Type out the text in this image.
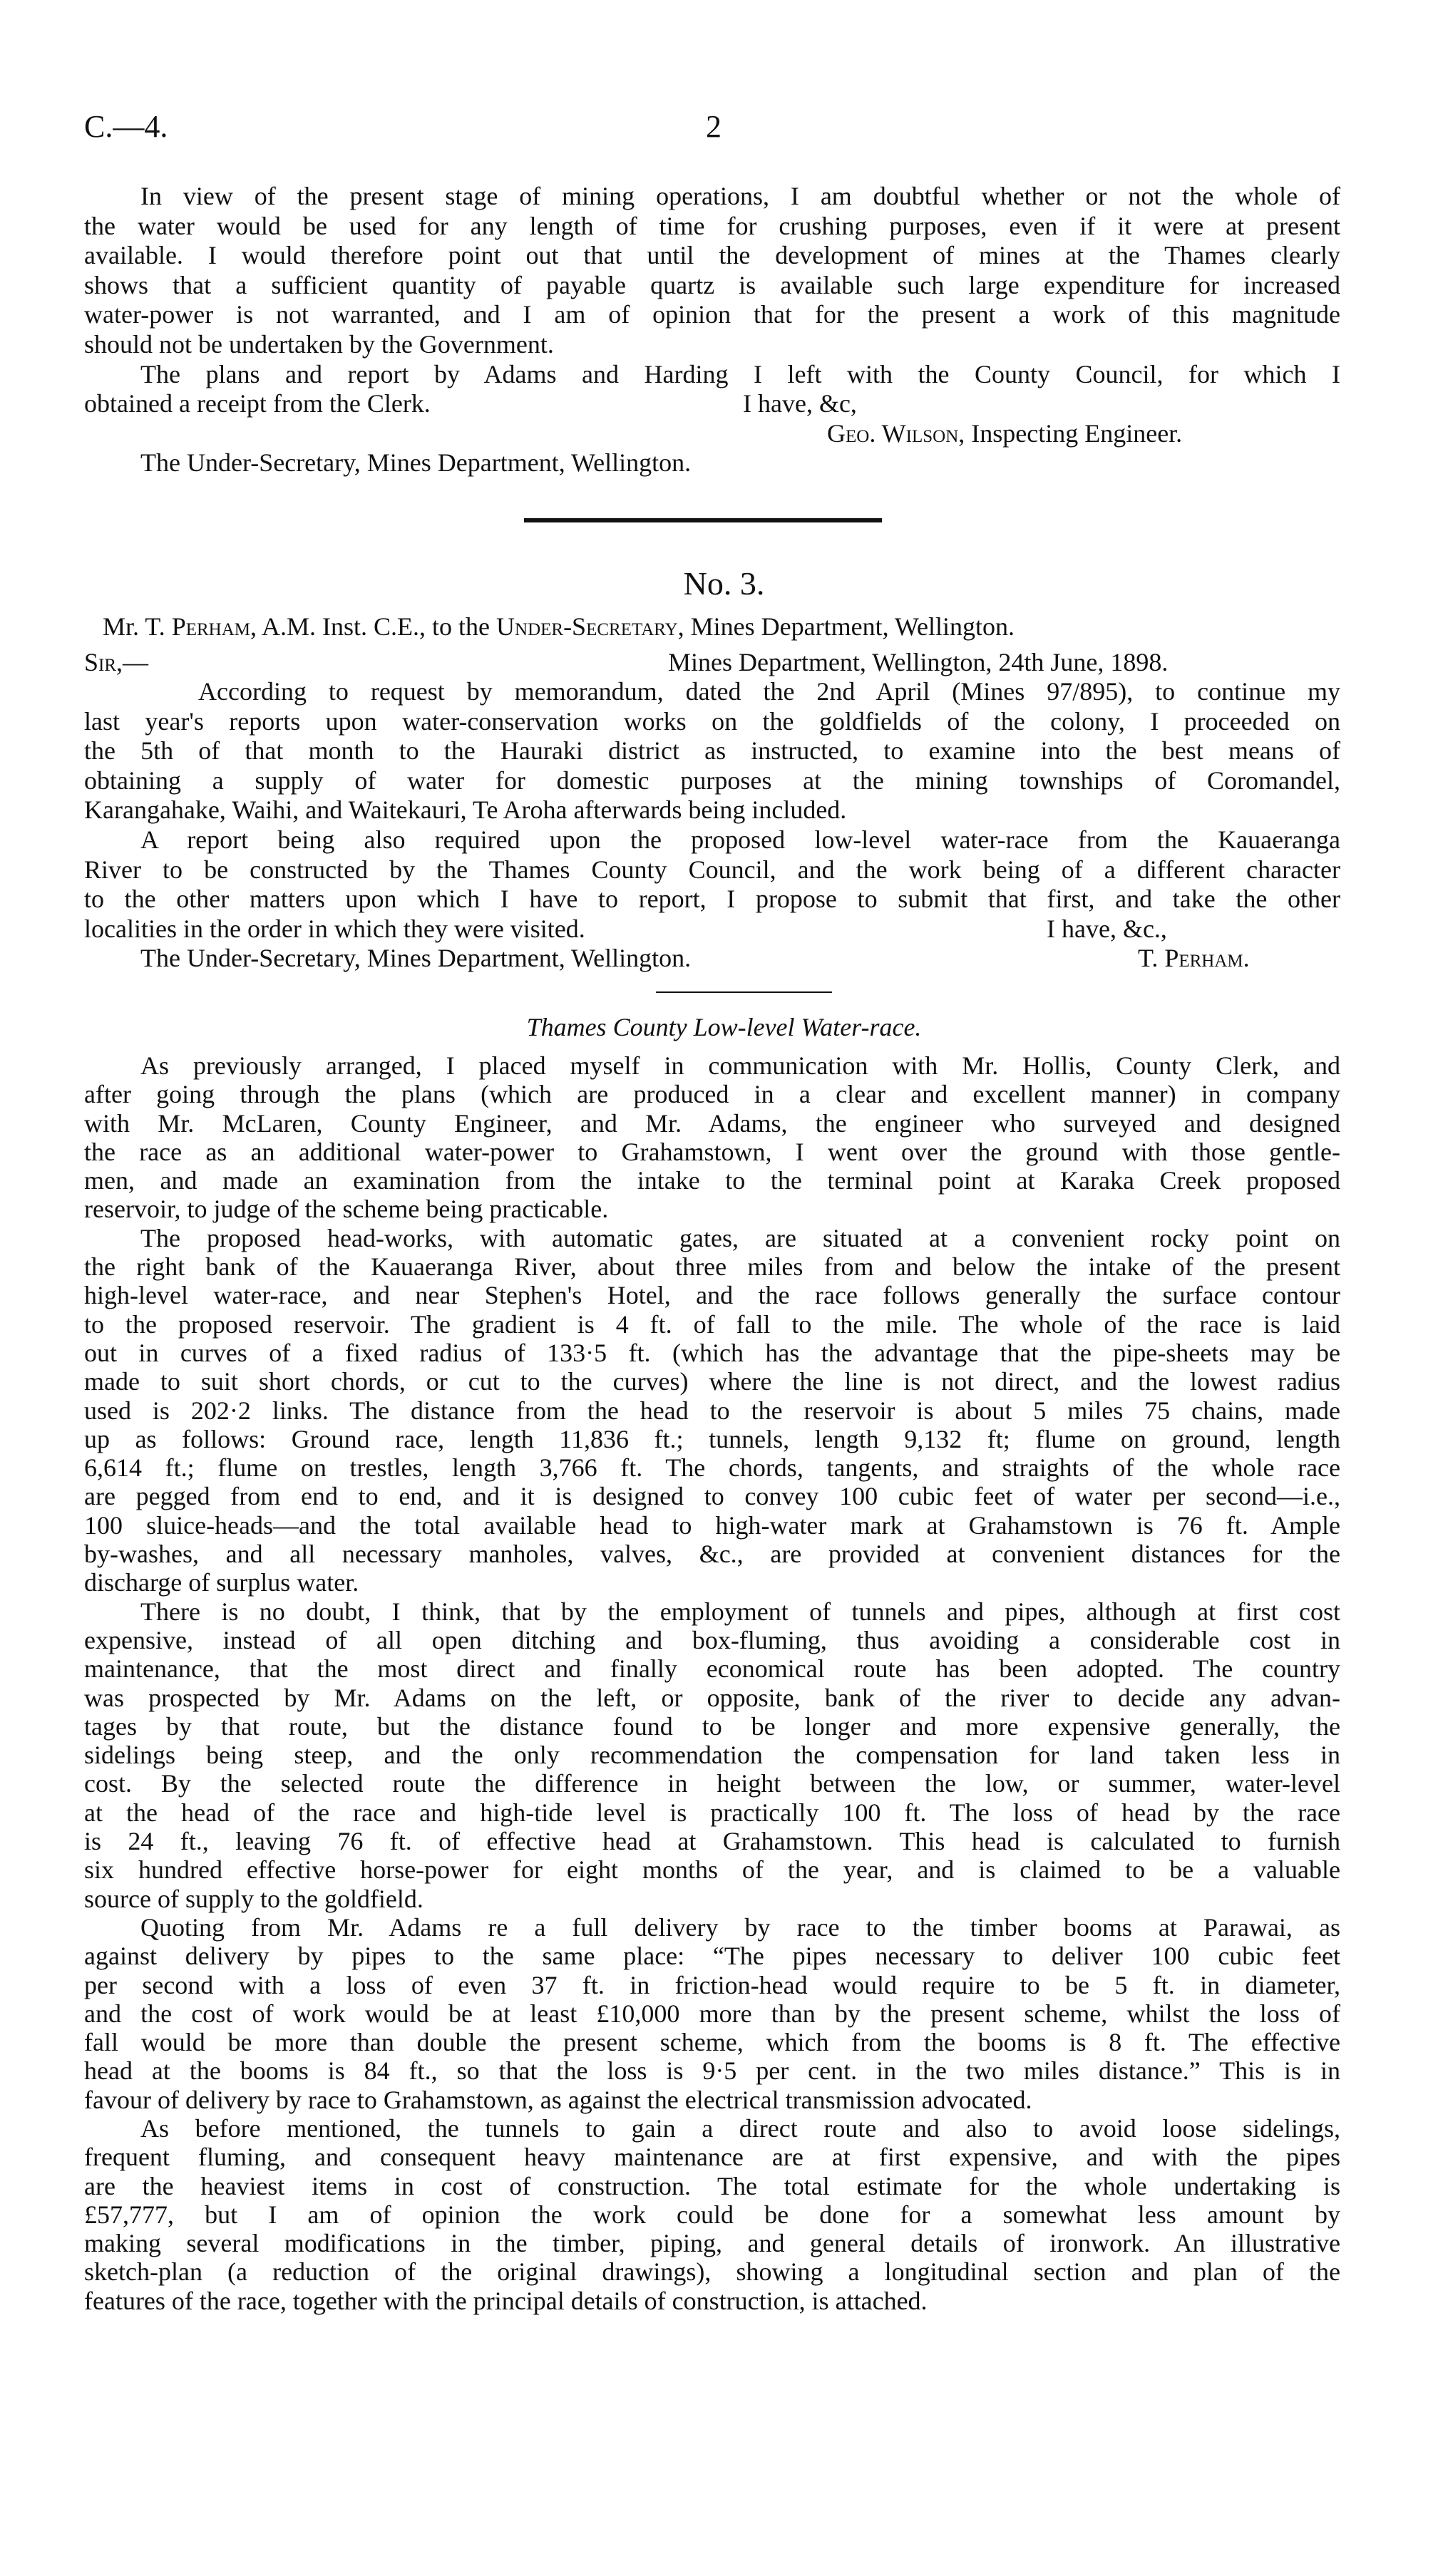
C.—4.	2
In view of the present stage of mining operations, I am doubtful whether or not the whole of
the water would be used for any length of time for crushing purposes, even if it were at present
available. I would therefore point out that until the development of mines at the Thames clearly
shows that a sufficient quantity of payable quartz is available such large expenditure for increased
water-power is not warranted, and I am of opinion that for the present a work of this magnitude
should not be undertaken by the Government.
The plans and report by Adams and Harding I left with the County Council, for which I
obtained a receipt from the Clerk.	I have, &c,
Geo. Wilson, Inspecting Engineer.
The Under-Secretary, Mines Department, Wellington.
No. 3.
Mr. T. Perham, A.M. Inst. C.E., to the Under-Secretary, Mines Department, Wellington.
Sir,—	Mines Department, Wellington, 24th June, 1898.
According to request by memorandum, dated the 2nd April (Mines 97/895), to continue my
last year's reports upon water-conservation works on the goldfields of the colony, I proceeded on
the 5th of that month to the Hauraki district as instructed, to examine into the best means of
obtaining a supply of water for domestic purposes at the mining townships of Coromandel,
Karangahake, Waihi, and Waitekauri, Te Aroha afterwards being included.
A report being also required upon the proposed low-level water-race from the Kauaeranga
River to be constructed by the Thames County Council, and the work being of a different character
to the other matters upon which I have to report, I propose to submit that first, and take the other
localities in the order in which they were visited.	I have, &c.,
The Under-Secretary, Mines Department, Wellington.	T. Perham.
Thames County Low-level Water-race.
As previously arranged, I placed myself in communication with Mr. Hollis, County Clerk, and
after going through the plans (which are produced in a clear and excellent manner) in company
with Mr. McLaren, County Engineer, and Mr. Adams, the engineer who surveyed and designed
the race as an additional water-power to Grahamstown, I went over the ground with those gentle-
men, and made an examination from the intake to the terminal point at Karaka Creek proposed
reservoir, to judge of the scheme being practicable.
The proposed head-works, with automatic gates, are situated at a convenient rocky point on
the right bank of the Kauaeranga River, about three miles from and below the intake of the present
high-level water-race, and near Stephen's Hotel, and the race follows generally the surface contour
to the proposed reservoir. The gradient is 4 ft. of fall to the mile. The whole of the race is laid
out in curves of a fixed radius of 133·5 ft. (which has the advantage that the pipe-sheets may be
made to suit short chords, or cut to the curves) where the line is not direct, and the lowest radius
used is 202·2 links. The distance from the head to the reservoir is about 5 miles 75 chains, made
up as follows: Ground race, length 11,836 ft.; tunnels, length 9,132 ft; flume on ground, length
6,614 ft.; flume on trestles, length 3,766 ft. The chords, tangents, and straights of the whole race
are pegged from end to end, and it is designed to convey 100 cubic feet of water per second—i.e.,
100 sluice-heads—and the total available head to high-water mark at Grahamstown is 76 ft. Ample
by-washes, and all necessary manholes, valves, &c., are provided at convenient distances for the
discharge of surplus water.
There is no doubt, I think, that by the employment of tunnels and pipes, although at first cost
expensive, instead of all open ditching and box-fluming, thus avoiding a considerable cost in
maintenance, that the most direct and finally economical route has been adopted. The country
was prospected by Mr. Adams on the left, or opposite, bank of the river to decide any advan-
tages by that route, but the distance found to be longer and more expensive generally, the
sidelings being steep, and the only recommendation the compensation for land taken less in
cost. By the selected route the difference in height between the low, or summer, water-level
at the head of the race and high-tide level is practically 100 ft. The loss of head by the race
is 24 ft., leaving 76 ft. of effective head at Grahamstown. This head is calculated to furnish
six hundred effective horse-power for eight months of the year, and is claimed to be a valuable
source of supply to the goldfield.
Quoting from Mr. Adams re a full delivery by race to the timber booms at Parawai, as
against delivery by pipes to the same place: “The pipes necessary to deliver 100 cubic feet
per second with a loss of even 37 ft. in friction-head would require to be 5 ft. in diameter,
and the cost of work would be at least £10,000 more than by the present scheme, whilst the loss of
fall would be more than double the present scheme, which from the booms is 8 ft. The effective
head at the booms is 84 ft., so that the loss is 9·5 per cent. in the two miles distance.” This is in
favour of delivery by race to Grahamstown, as against the electrical transmission advocated.
As before mentioned, the tunnels to gain a direct route and also to avoid loose sidelings,
frequent fluming, and consequent heavy maintenance are at first expensive, and with the pipes
are the heaviest items in cost of construction. The total estimate for the whole undertaking is
£57,777, but I am of opinion the work could be done for a somewhat less amount by
making several modifications in the timber, piping, and general details of ironwork. An illustrative
sketch-plan (a reduction of the original drawings), showing a longitudinal section and plan of the
features of the race, together with the principal details of construction, is attached.
